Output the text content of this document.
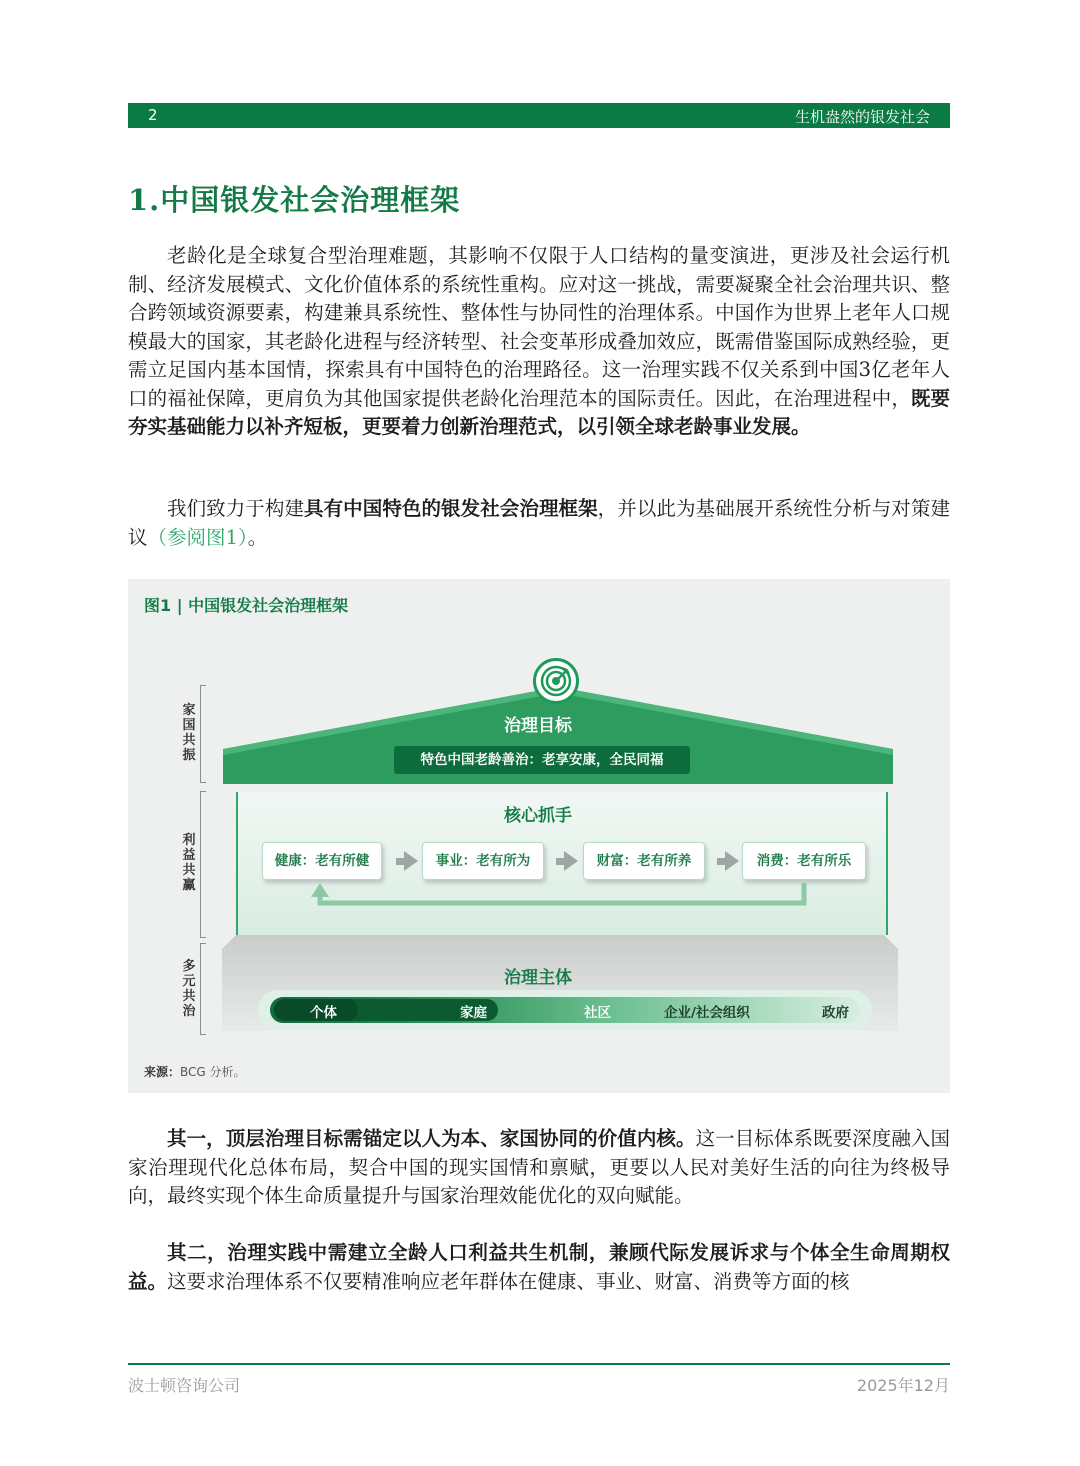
2	生机盎然的银发社会
1.中国银发社会治理框架

老龄化是全球复合型治理难题，其影响不仅限于人口结构的量变演进，更涉及社会运行机制、经济发展模式、文化价值体系的系统性重构。应对这一挑战，需要凝聚全社会治理共识、整合跨领域资源要素，构建兼具系统性、整体性与协同性的治理体系。中国作为世界上老年人口规模最大的国家，其老龄化进程与经济转型、社会变革形成叠加效应，既需借鉴国际成熟经验，更需立足国内基本国情，探索具有中国特色的治理路径。这一治理实践不仅关系到中国3亿老年人口的福祉保障，更肩负为其他国家提供老龄化治理范本的国际责任。因此，在治理进程中，既要夯实基础能力以补齐短板，更要着力创新治理范式，以引领全球老龄事业发展。

我们致力于构建具有中国特色的银发社会治理框架，并以此为基础展开系统性分析与对策建议（参阅图1）。

图1 | 中国银发社会治理框架
家国共振
利益共赢
多元共治
治理目标
特色中国老龄善治：老享安康，全民同福
核心抓手
健康：老有所健	事业：老有所为	财富：老有所养	消费：老有所乐
治理主体
个体	家庭	社区	企业/社会组织	政府
来源：BCG 分析。

其一，顶层治理目标需锚定以人为本、家国协同的价值内核。这一目标体系既要深度融入国家治理现代化总体布局，契合中国的现实国情和禀赋，更要以人民对美好生活的向往为终极导向，最终实现个体生命质量提升与国家治理效能优化的双向赋能。

其二，治理实践中需建立全龄人口利益共生机制，兼顾代际发展诉求与个体全生命周期权益。这要求治理体系不仅要精准响应老年群体在健康、事业、财富、消费等方面的核

波士顿咨询公司	2025年12月
